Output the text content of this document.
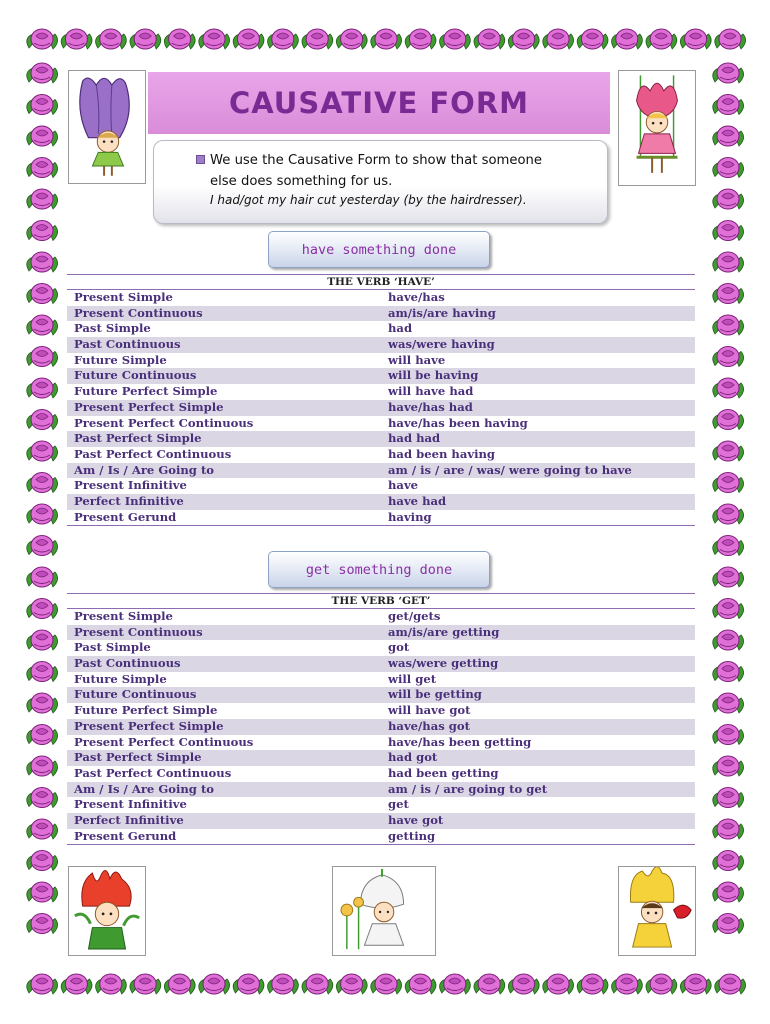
CAUSATIVE FORM
We use the Causative Form to show that someone
else does something for us.
I had/got my hair cut yesterday (by the hairdresser).
have something done
THE VERB ‘HAVE’
Present Simple	have/has
Present Continuous	am/is/are having
Past Simple	had
Past Continuous	was/were having
Future Simple	will have
Future Continuous	will be having
Future Perfect Simple	will have had
Present Perfect Simple	have/has had
Present Perfect Continuous	have/has been having
Past Perfect Simple	had had
Past Perfect Continuous	had been having
Am / Is / Are Going to	am / is / are / was/ were going to have
Present Infinitive	have
Perfect Infinitive	have had
Present Gerund	having
get something done
THE VERB ‘GET’
Present Simple	get/gets
Present Continuous	am/is/are getting
Past Simple	got
Past Continuous	was/were getting
Future Simple	will get
Future Continuous	will be getting
Future Perfect Simple	will have got
Present Perfect Simple	have/has got
Present Perfect Continuous	have/has been getting
Past Perfect Simple	had got
Past Perfect Continuous	had been getting
Am / Is / Are Going to	am / is / are going to get
Present Infinitive	get
Perfect Infinitive	have got
Present Gerund	getting
